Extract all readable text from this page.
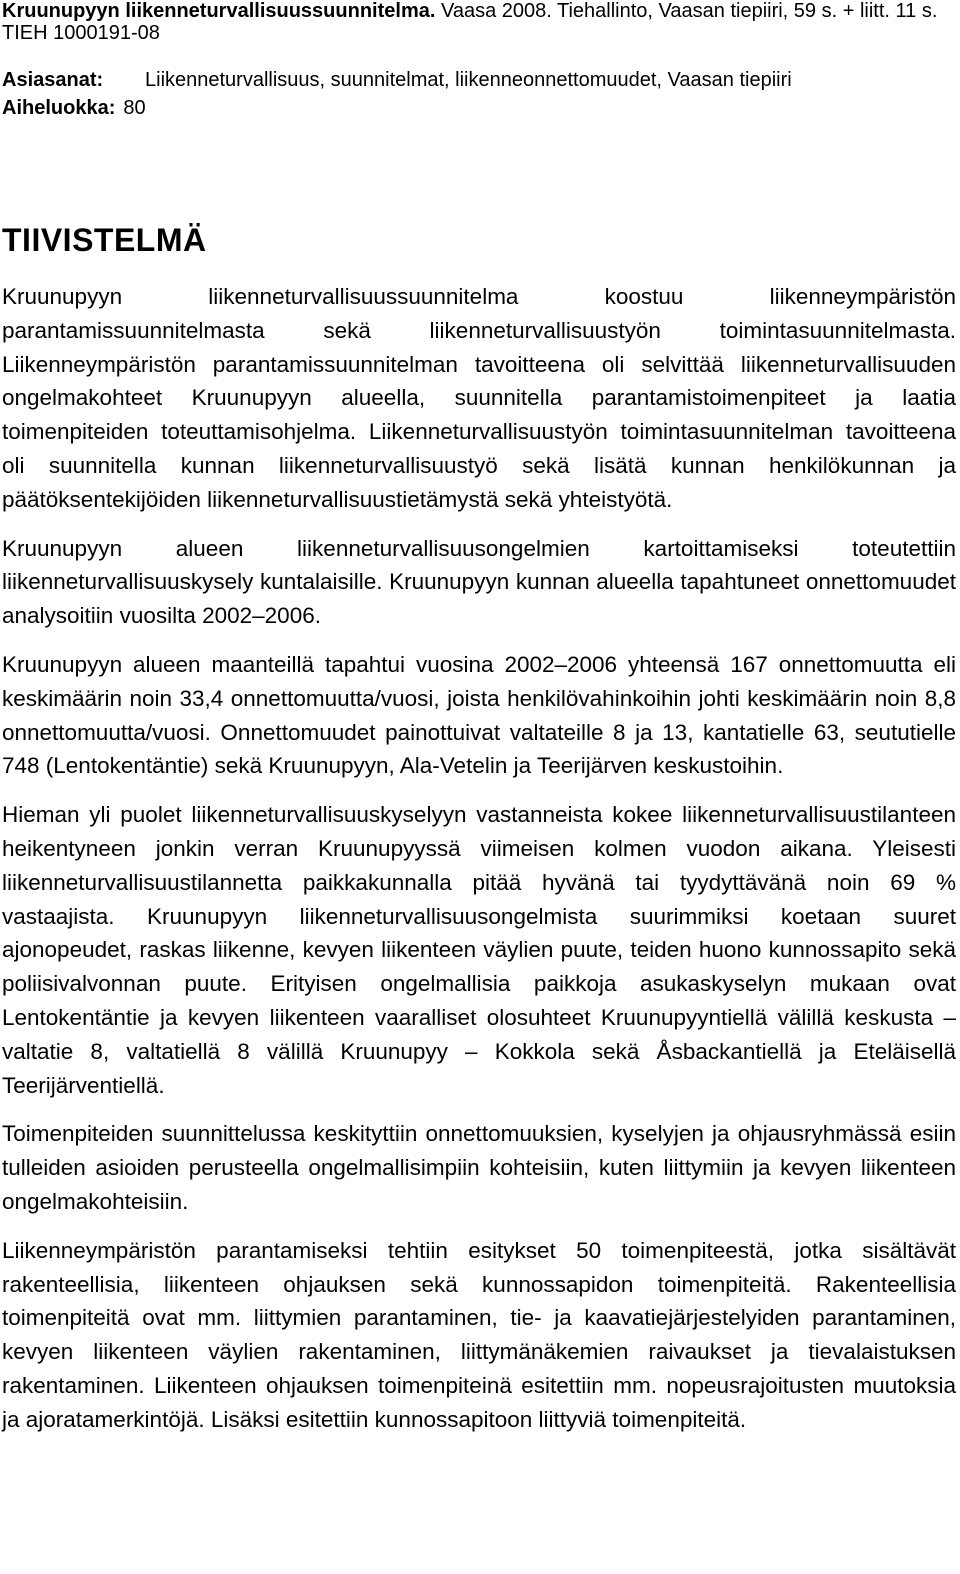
Kruunupyyn liikenneturvallisuussuunnitelma. Vaasa 2008. Tiehallinto, Vaasan tiepiiri, 59 s. + liitt. 11 s. TIEH 1000191-08

Asiasanat:	Liikenneturvallisuus, suunnitelmat, liikenneonnettomuudet, Vaasan tiepiiri
Aiheluokka: 80
TIIVISTELMÄ

Kruunupyyn liikenneturvallisuussuunnitelma koostuu liikenneympäristön parantamissuunnitelmasta sekä liikenneturvallisuustyön toimintasuunnitelmasta. Liikenneympäristön parantamissuunnitelman tavoitteena oli selvittää liikenneturvallisuuden ongelmakohteet Kruunupyyn alueella, suunnitella parantamistoimenpiteet ja laatia toimenpiteiden toteuttamisohjelma. Liikenneturvallisuustyön toimintasuunnitelman tavoitteena oli suunnitella kunnan liikenneturvallisuustyö sekä lisätä kunnan henkilökunnan ja päätöksentekijöiden liikenneturvallisuustietämystä sekä yhteistyötä.

Kruunupyyn alueen liikenneturvallisuusongelmien kartoittamiseksi toteutettiin liikenneturvallisuuskysely kuntalaisille. Kruunupyyn kunnan alueella tapahtuneet onnettomuudet analysoitiin vuosilta 2002–2006.

Kruunupyyn alueen maanteillä tapahtui vuosina 2002–2006 yhteensä 167 onnettomuutta eli keskimäärin noin 33,4 onnettomuutta/vuosi, joista henkilövahinkoihin johti keskimäärin noin 8,8 onnettomuutta/vuosi. Onnettomuudet painottuivat valtateille 8 ja 13, kantatielle 63, seututielle 748 (Lentokentäntie) sekä Kruunupyyn, Ala-Vetelin ja Teerijärven keskustoihin.

Hieman yli puolet liikenneturvallisuuskyselyyn vastanneista kokee liikenneturvallisuustilanteen heikentyneen jonkin verran Kruunupyyssä viimeisen kolmen vuodon aikana. Yleisesti liikenneturvallisuustilannetta paikkakunnalla pitää hyvänä tai tyydyttävänä noin 69 % vastaajista. Kruunupyyn liikenneturvallisuusongelmista suurimmiksi koetaan suuret ajonopeudet, raskas liikenne, kevyen liikenteen väylien puute, teiden huono kunnossapito sekä poliisivalvonnan puute. Erityisen ongelmallisia paikkoja asukaskyselyn mukaan ovat Lentokentäntie ja kevyen liikenteen vaaralliset olosuhteet Kruunupyyntiellä välillä keskusta – valtatie 8, valtatiellä 8 välillä Kruunupyy – Kokkola sekä Åsbackantiellä ja Eteläisellä Teerijärventiellä.

Toimenpiteiden suunnittelussa keskityttiin onnettomuuksien, kyselyjen ja ohjausryhmässä esiin tulleiden asioiden perusteella ongelmallisimpiin kohteisiin, kuten liittymiin ja kevyen liikenteen ongelmakohteisiin.

Liikenneympäristön parantamiseksi tehtiin esitykset 50 toimenpiteestä, jotka sisältävät rakenteellisia, liikenteen ohjauksen sekä kunnossapidon toimenpiteitä. Rakenteellisia toimenpiteitä ovat mm. liittymien parantaminen, tie- ja kaavatiejärjestelyiden parantaminen, kevyen liikenteen väylien rakentaminen, liittymänäkemien raivaukset ja tievalaistuksen rakentaminen. Liikenteen ohjauksen toimenpiteinä esitettiin mm. nopeusrajoitusten muutoksia ja ajoratamerkintöjä. Lisäksi esitettiin kunnossapitoon liittyviä toimenpiteitä.
